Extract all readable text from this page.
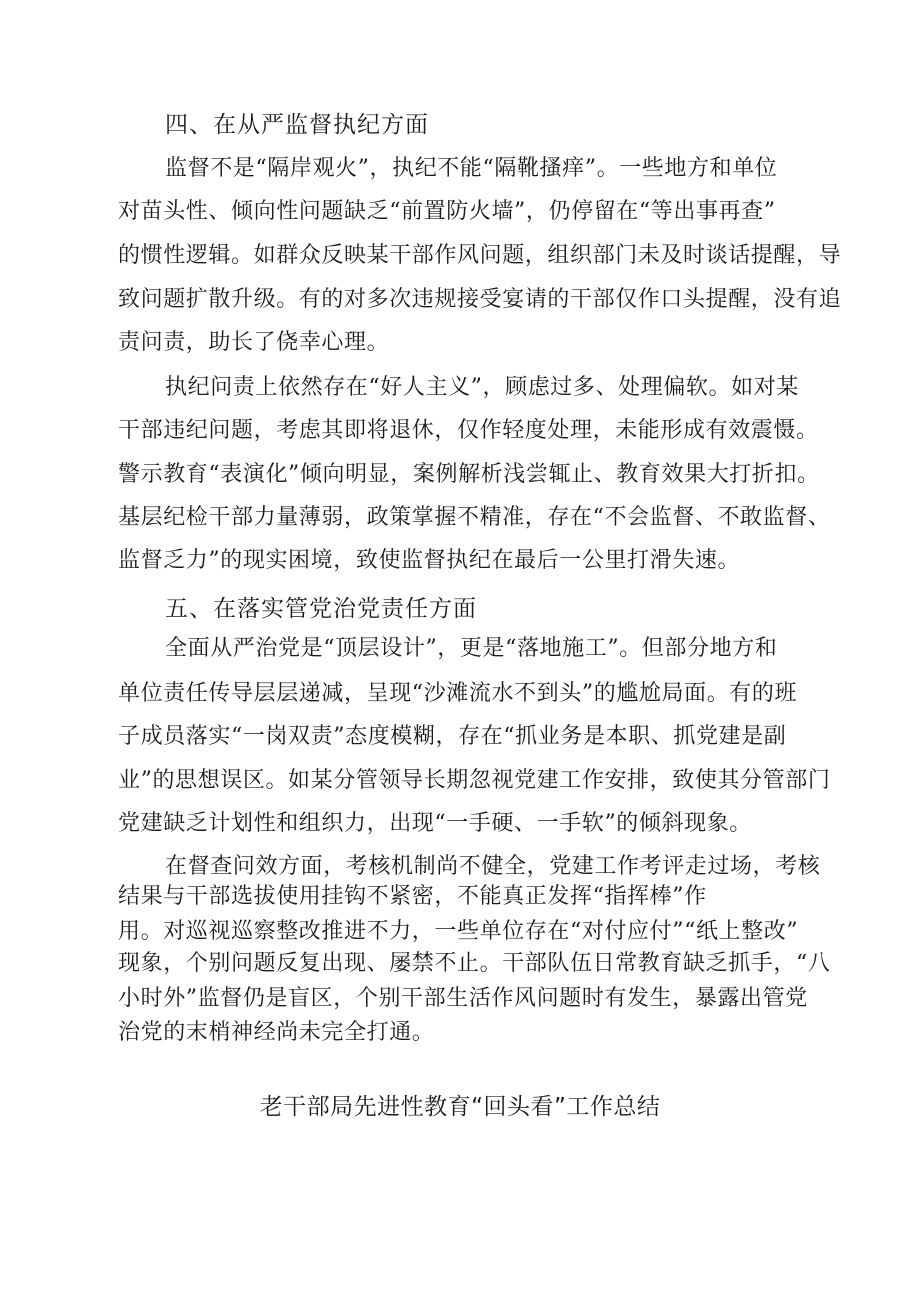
四、在从严监督执纪方面

监督不是“隔岸观火”，执纪不能“隔靴搔痒”。一些地方和单位

对苗头性、倾向性问题缺乏“前置防火墙”，仍停留在“等出事再查”

的惯性逻辑。如群众反映某干部作风问题，组织部门未及时谈话提醒，导

致问题扩散升级。有的对多次违规接受宴请的干部仅作口头提醒，没有追

责问责，助长了侥幸心理。

执纪问责上依然存在“好人主义”，顾虑过多、处理偏软。如对某

干部违纪问题，考虑其即将退休，仅作轻度处理，未能形成有效震慑。

警示教育“表演化”倾向明显，案例解析浅尝辄止、教育效果大打折扣。

基层纪检干部力量薄弱，政策掌握不精准，存在“不会监督、不敢监督、

监督乏力”的现实困境，致使监督执纪在最后一公里打滑失速。

五、在落实管党治党责任方面

全面从严治党是“顶层设计”，更是“落地施工”。但部分地方和

单位责任传导层层递减，呈现“沙滩流水不到头”的尴尬局面。有的班

子成员落实“一岗双责”态度模糊，存在“抓业务是本职、抓党建是副

业”的思想误区。如某分管领导长期忽视党建工作安排，致使其分管部门

党建缺乏计划性和组织力，出现“一手硬、一手软”的倾斜现象。

在督查问效方面，考核机制尚不健全，党建工作考评走过场，考核

结果与干部选拔使用挂钩不紧密，不能真正发挥“指挥棒”作

用。对巡视巡察整改推进不力，一些单位存在“对付应付”“纸上整改”

现象，个别问题反复出现、屡禁不止。干部队伍日常教育缺乏抓手，“八

小时外”监督仍是盲区，个别干部生活作风问题时有发生，暴露出管党

治党的末梢神经尚未完全打通。

老干部局先进性教育“回头看”工作总结
